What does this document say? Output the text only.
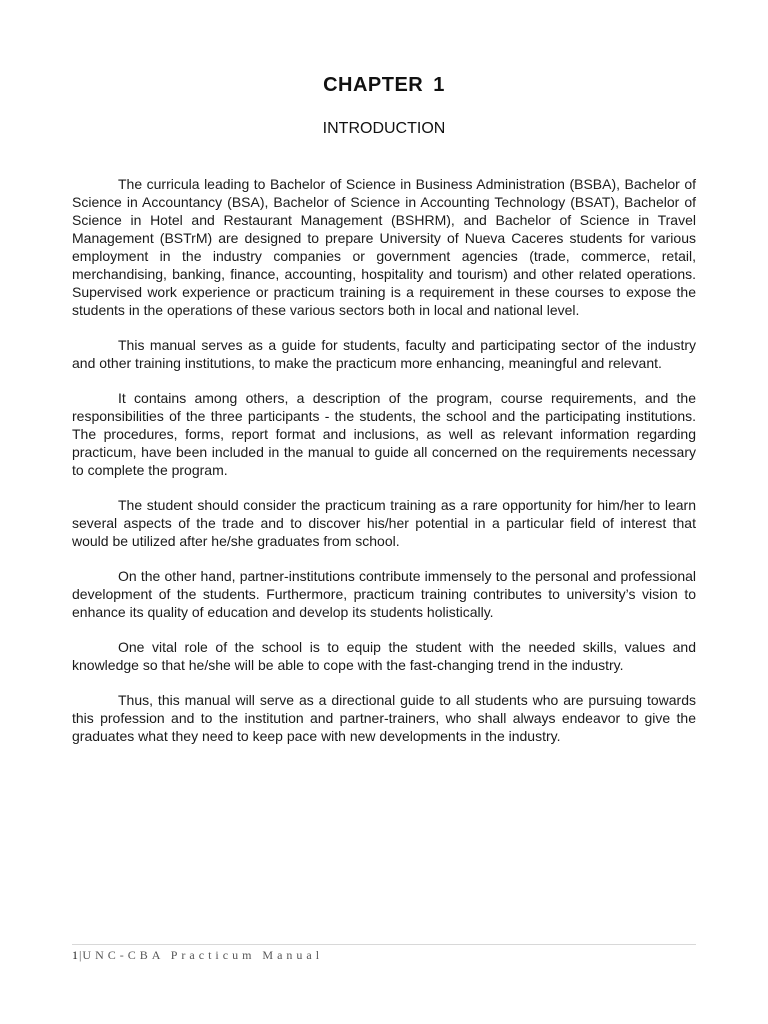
CHAPTER 1
INTRODUCTION

The curricula leading to Bachelor of Science in Business Administration (BSBA), Bachelor of Science in Accountancy (BSA), Bachelor of Science in Accounting Technology (BSAT), Bachelor of Science in Hotel and Restaurant Management (BSHRM), and Bachelor of Science in Travel Management (BSTrM) are designed to prepare University of Nueva Caceres students for various employment in the industry companies or government agencies (trade, commerce, retail, merchandising, banking, finance, accounting, hospitality and tourism) and other related operations. Supervised work experience or practicum training is a requirement in these courses to expose the students in the operations of these various sectors both in local and national level.

This manual serves as a guide for students, faculty and participating sector of the industry and other training institutions, to make the practicum more enhancing, meaningful and relevant.

It contains among others, a description of the program, course requirements, and the responsibilities of the three participants - the students, the school and the participating institutions. The procedures, forms, report format and inclusions, as well as relevant information regarding practicum, have been included in the manual to guide all concerned on the requirements necessary to complete the program.

The student should consider the practicum training as a rare opportunity for him/her to learn several aspects of the trade and to discover his/her potential in a particular field of interest that would be utilized after he/she graduates from school.

On the other hand, partner-institutions contribute immensely to the personal and professional development of the students. Furthermore, practicum training contributes to university’s vision to enhance its quality of education and develop its students holistically.

One vital role of the school is to equip the student with the needed skills, values and knowledge so that he/she will be able to cope with the fast-changing trend in the industry.

Thus, this manual will serve as a directional guide to all students who are pursuing towards this profession and to the institution and partner-trainers, who shall always endeavor to give the graduates what they need to keep pace with new developments in the industry.

1|UNC-CBA Practicum Manual
